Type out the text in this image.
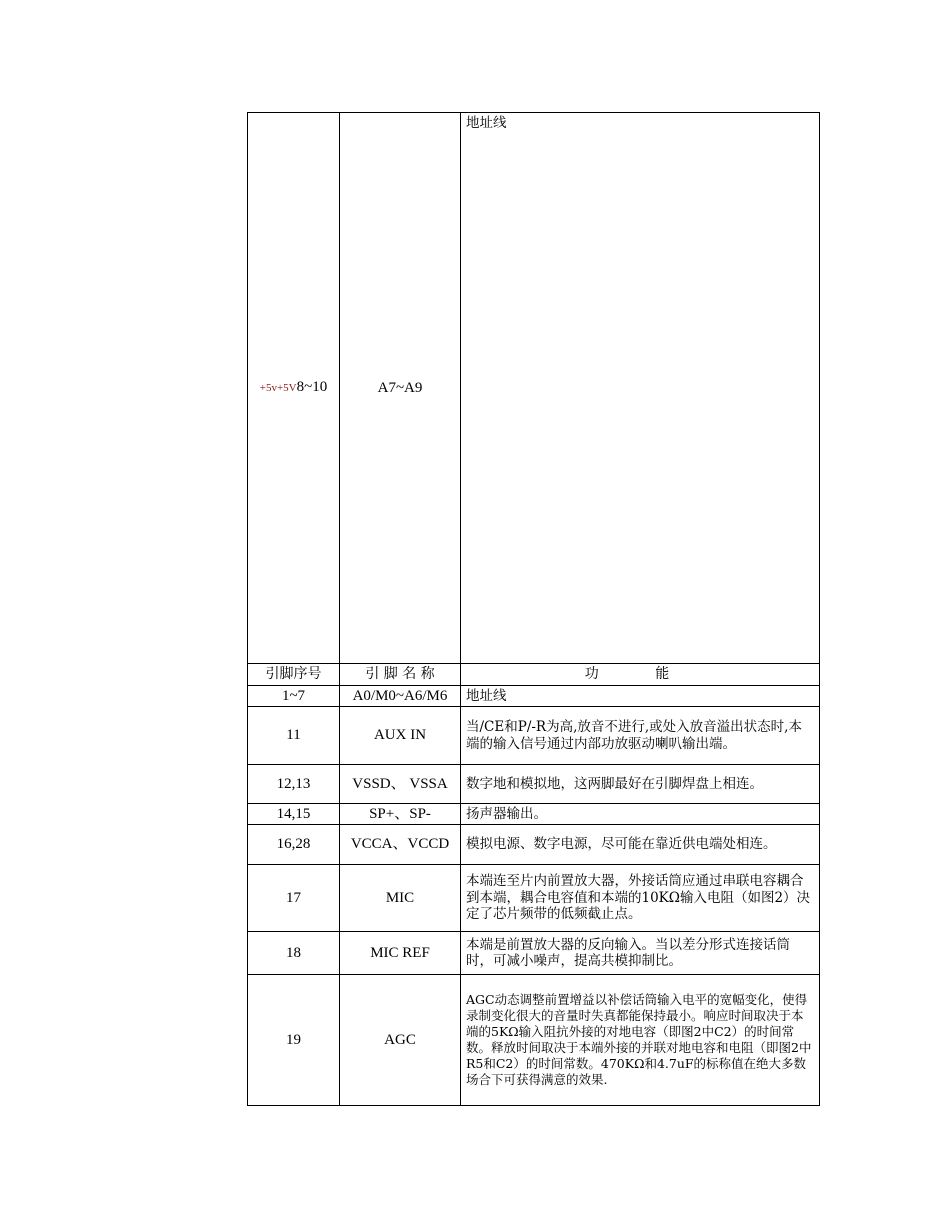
+5v+5V8~10	A7~A9	地址线
引脚序号	引 脚 名 称	功 能
1~7	A0/M0~A6/M6	地址线
11	AUX IN	当/CE和P/-R为高,放音不进行,或处入放音溢出状态时,本端的输入信号通过内部功放驱动喇叭输出端。
12,13	VSSD、 VSSA	数字地和模拟地，这两脚最好在引脚焊盘上相连。
14,15	SP+、SP-	扬声器输出。
16,28	VCCA、VCCD	模拟电源、数字电源，尽可能在靠近供电端处相连。
17	MIC	本端连至片内前置放大器，外接话筒应通过串联电容耦合到本端，耦合电容值和本端的10KΩ输入电阻（如图2）决定了芯片频带的低频截止点。
18	MIC REF	本端是前置放大器的反向输入。当以差分形式连接话筒时，可减小噪声，提高共模抑制比。
19	AGC	AGC动态调整前置增益以补偿话筒输入电平的宽幅变化，使得录制变化很大的音量时失真都能保持最小。响应时间取决于本端的5KΩ输入阻抗外接的对地电容（即图2中C2）的时间常数。释放时间取决于本端外接的并联对地电容和电阻（即图2中R5和C2）的时间常数。470KΩ和4.7uF的标称值在绝大多数场合下可获得满意的效果.
